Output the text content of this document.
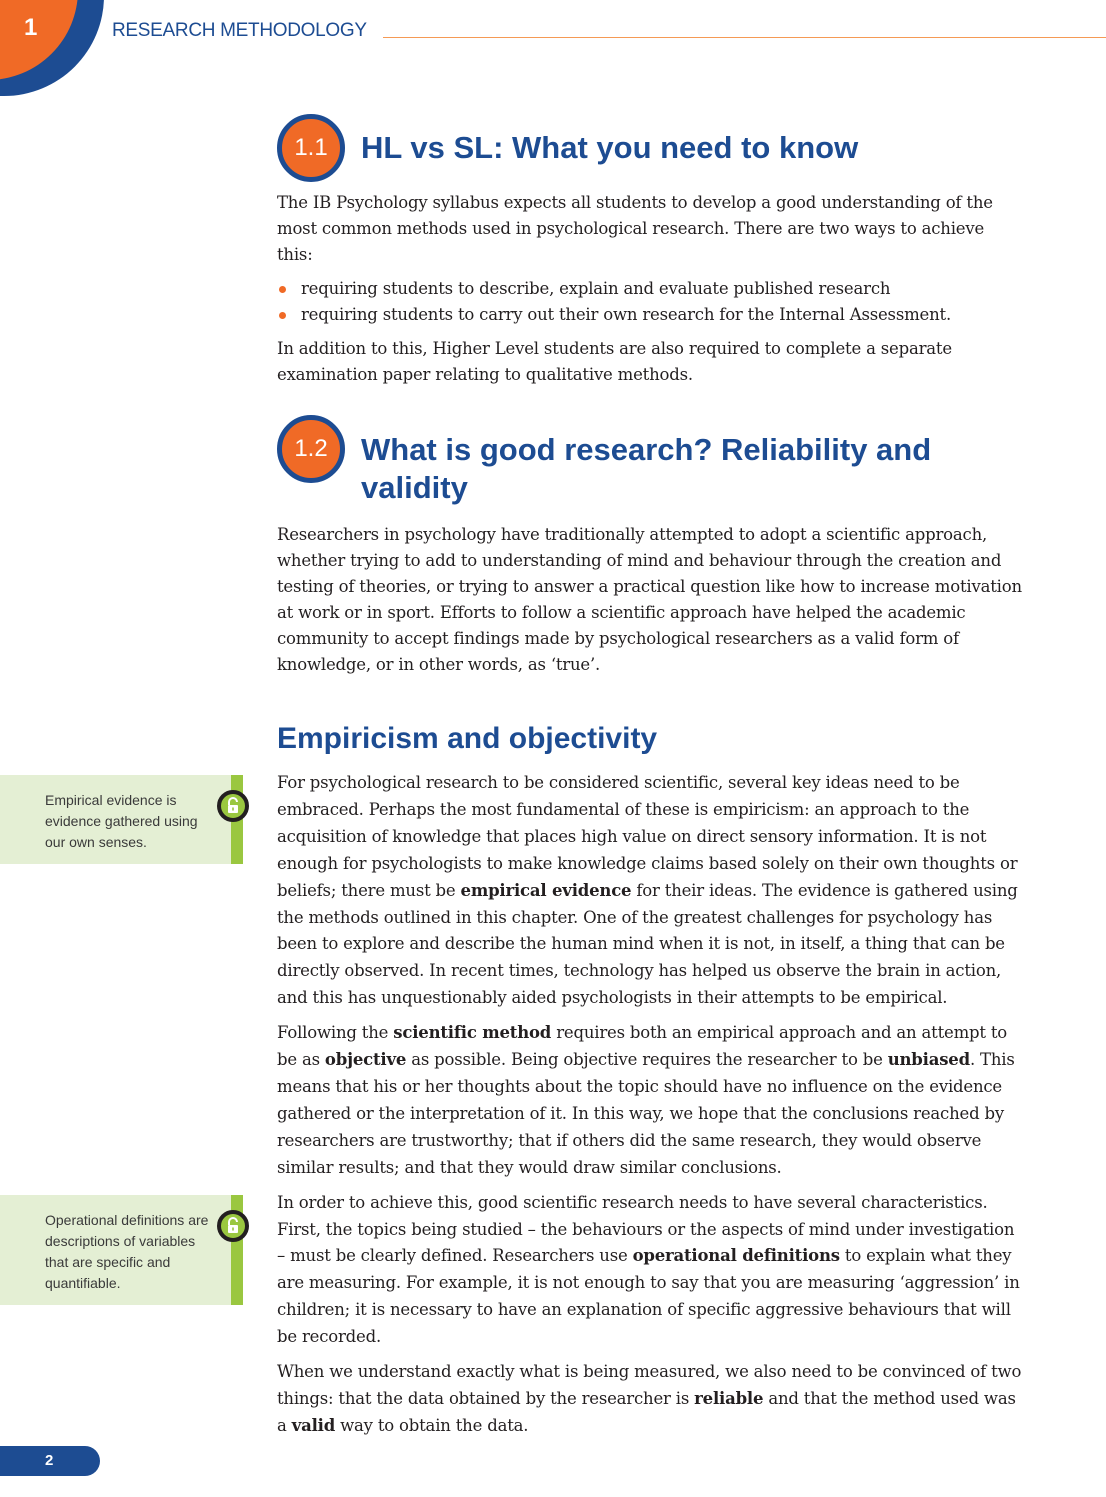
1	RESEARCH METHODOLOGY
1.1	HL vs SL: What you need to know

The IB Psychology syllabus expects all students to develop a good understanding of the most common methods used in psychological research. There are two ways to achieve this:

requiring students to describe, explain and evaluate published research
requiring students to carry out their own research for the Internal Assessment.

In addition to this, Higher Level students are also required to complete a separate examination paper relating to qualitative methods.

1.2	What is good research? Reliability and
validity

Researchers in psychology have traditionally attempted to adopt a scientific approach, whether trying to add to understanding of mind and behaviour through the creation and testing of theories, or trying to answer a practical question like how to increase motivation at work or in sport. Efforts to follow a scientific approach have helped the academic community to accept findings made by psychological researchers as a valid form of knowledge, or in other words, as ‘true’.

Empiricism and objectivity

For psychological research to be considered scientific, several key ideas need to be embraced. Perhaps the most fundamental of these is empiricism: an approach to the acquisition of knowledge that places high value on direct sensory information. It is not enough for psychologists to make knowledge claims based solely on their own thoughts or beliefs; there must be empirical evidence for their ideas. The evidence is gathered using the methods outlined in this chapter. One of the greatest challenges for psychology has been to explore and describe the human mind when it is not, in itself, a thing that can be directly observed. In recent times, technology has helped us observe the brain in action, and this has unquestionably aided psychologists in their attempts to be empirical.

Following the scientific method requires both an empirical approach and an attempt to be as objective as possible. Being objective requires the researcher to be unbiased. This means that his or her thoughts about the topic should have no influence on the evidence gathered or the interpretation of it. In this way, we hope that the conclusions reached by researchers are trustworthy; that if others did the same research, they would observe similar results; and that they would draw similar conclusions.

In order to achieve this, good scientific research needs to have several characteristics. First, the topics being studied – the behaviours or the aspects of mind under investigation – must be clearly defined. Researchers use operational definitions to explain what they are measuring. For example, it is not enough to say that you are measuring ‘aggression’ in children; it is necessary to have an explanation of specific aggressive behaviours that will be recorded.

When we understand exactly what is being measured, we also need to be convinced of two things: that the data obtained by the researcher is reliable and that the method used was a valid way to obtain the data.

Empirical evidence is evidence gathered using our own senses.
Operational definitions are descriptions of variables that are specific and quantifiable.
2
